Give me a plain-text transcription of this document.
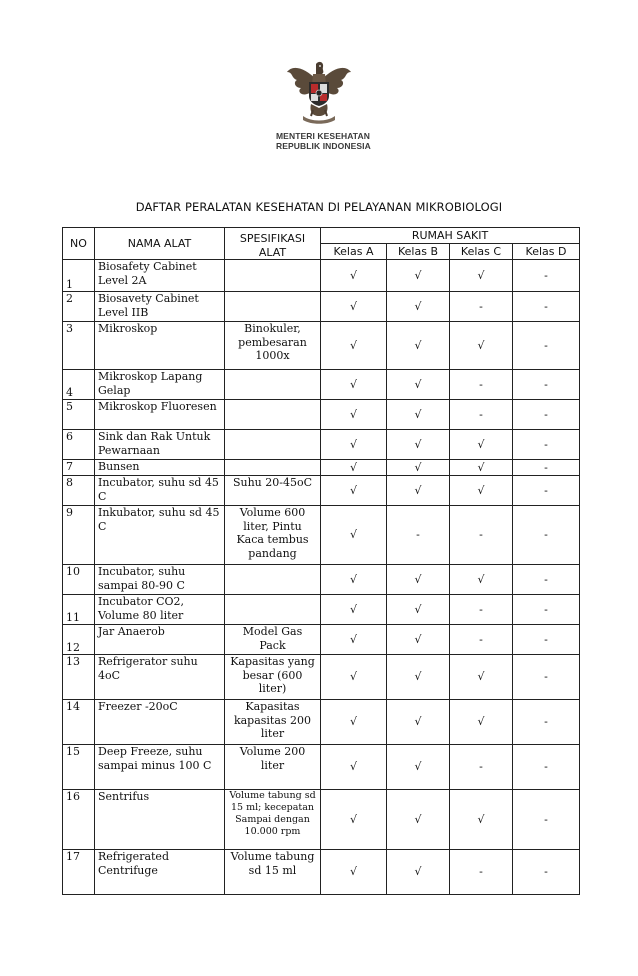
MENTERI KESEHATAN
REPUBLIK INDONESIA
DAFTAR PERALATAN KESEHATAN DI PELAYANAN MIKROBIOLOGI
NO	NAMA ALAT	SPESIFIKASI ALAT	RUMAH SAKIT			
			Kelas A	Kelas B	Kelas C	Kelas D
1	Biosafety Cabinet Level 2A		√	√	√	-
2	Biosavety Cabinet Level IIB		√	√	-	-
3	Mikroskop	Binokuler, pembesaran 1000x	√	√	√	-
4	Mikroskop Lapang Gelap		√	√	-	-
5	Mikroskop Fluoresen		√	√	-	-
6	Sink dan Rak Untuk Pewarnaan		√	√	√	-
7	Bunsen		√	√	√	-
8	Incubator, suhu sd 45 C	Suhu 20-45oC	√	√	√	-
9	Inkubator, suhu sd 45 C	Volume 600 liter, Pintu Kaca tembus pandang	√	-	-	-
10	Incubator, suhu sampai 80-90 C		√	√	√	-
11	Incubator CO2, Volume 80 liter		√	√	-	-
12	Jar Anaerob	Model Gas Pack	√	√	-	-
13	Refrigerator suhu 4oC	Kapasitas yang besar (600 liter)	√	√	√	-
14	Freezer -20oC	Kapasitas kapasitas 200 liter	√	√	√	-
15	Deep Freeze, suhu sampai minus 100 C	Volume 200 liter	√	√	-	-
16	Sentrifus	Volume tabung sd 15 ml; kecepatan Sampai dengan 10.000 rpm	√	√	√	-
17	Refrigerated Centrifuge	Volume tabung sd 15 ml	√	√	-	-
